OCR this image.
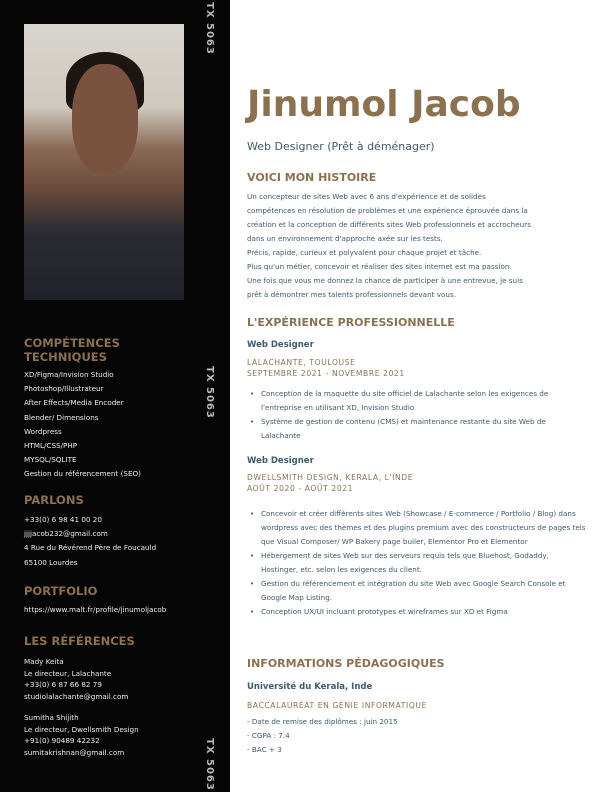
TX 5063
TX 5063
TX 5063
COMPÉTENCES
TECHNIQUES
XD/Figma/Invision Studio
Photoshop/Illustrateur
After Effects/Media Encoder
Blender/ Dimensions
Wordpress
HTML/CSS/PHP
MYSQL/SQLITE
Gestion du référencement (SEO)
PARLONS
+33(0) 6 98 41 00 20
jjjjacob232@gmail.com
4 Rue du Révérend Père de Foucauld
65100 Lourdes
PORTFOLIO
https://www.malt.fr/profile/jinumoljacob
LES RÉFÉRENCES
Mady Keita
Le directeur, Lalachante
+33(0) 6 87 66 82 79
studiolalachante@gmail.com
Sumitha Shijith
Le directeur, Dwellsmith Design
+91(0) 90489 42232
sumitakrishnan@gmail.com
Jinumol Jacob
Web Designer (Prêt à déménager)
VOICI MON HISTOIRE
Un concepteur de sites Web avec 6 ans d'expérience et de solides
compétences en résolution de problèmes et une expérience éprouvée dans la
création et la conception de différents sites Web professionnels et accrocheurs
dans un environnement d'approche axée sur les tests.
Précis, rapide, curieux et polyvalent pour chaque projet et tâche.
Plus qu'un métier, concevoir et réaliser des sites internet est ma passion.
Une fois que vous me donnez la chance de participer à une entrevue, je suis
prêt à démontrer mes talents professionnels devant vous.
L'EXPÉRIENCE PROFESSIONNELLE
Web Designer
LALACHANTE, TOULOUSE
SEPTEMBRE 2021 - NOVEMBRE 2021
• Conception de la maquette du site officiel de Lalachante selon les exigences de l'entreprise en utilisant XD, Invision Studio
• Système de gestion de contenu (CMS) et maintenance restante du site Web de Lalachante
Web Designer
DWELLSMITH DESIGN, KERALA, L'INDE
AOÛT 2020 - AOÛT 2021
• Concevoir et créer différents sites Web (Showcase / E-commerce / Portfolio / Blog) dans wordpress avec des thèmes et des plugins premium avec des constructeurs de pages tels que Visual Composer/ WP Bakery page builer, Elementor Pro et Elementor
• Hébergement de sites Web sur des serveurs requis tels que Bluehost, Godaddy, Hostinger, etc. selon les exigences du client.
• Gestion du référencement et intégration du site Web avec Google Search Console et Google Map Listing.
• Conception UX/UI incluant prototypes et wireframes sur XD et Figma
INFORMATIONS PÉDAGOGIQUES
Université du Kerala, Inde
BACCALAURÉAT EN GÉNIE INFORMATIQUE
- Date de remise des diplômes : juin 2015
- CGPA : 7.4
- BAC + 3
